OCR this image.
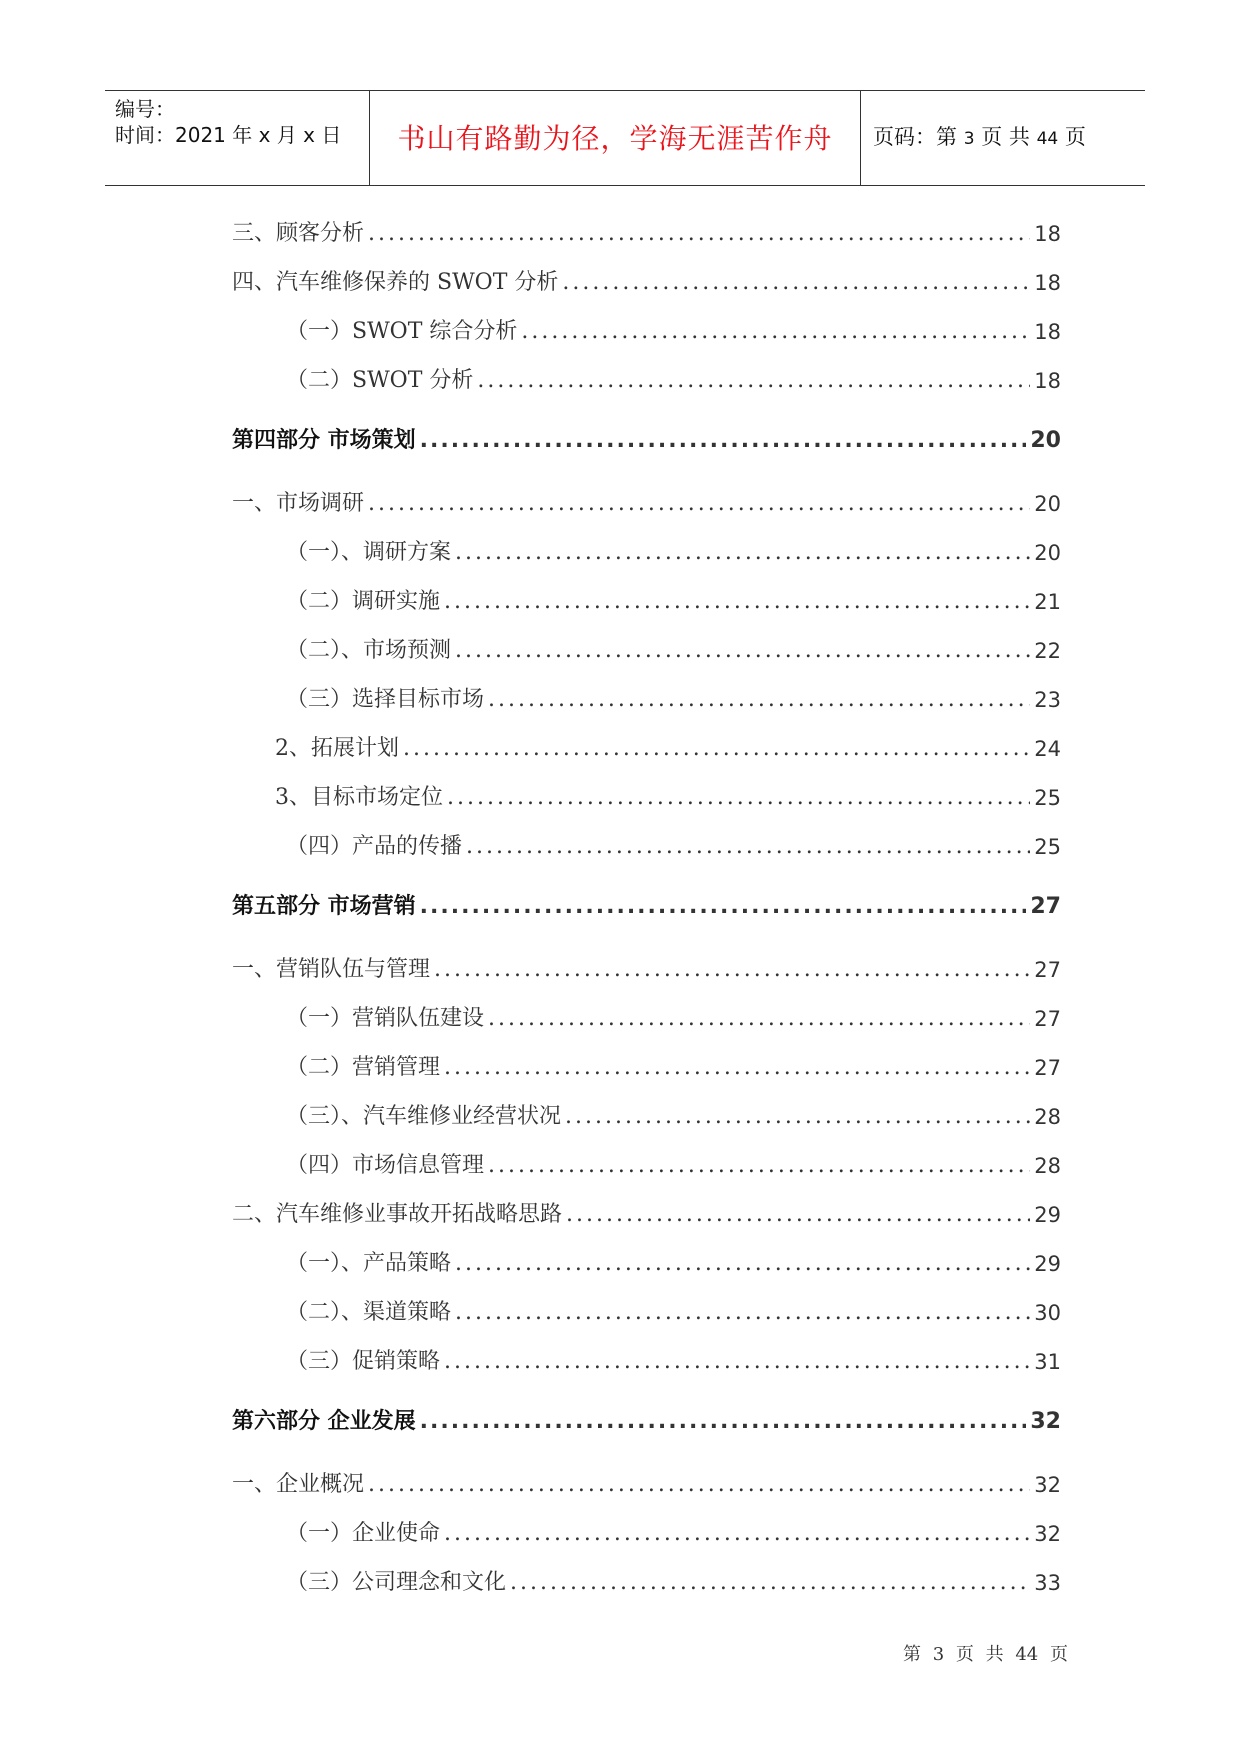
编号：
时间：2021 年 x 月 x 日	书山有路勤为径，学海无涯苦作舟	页码：第 3 页 共 44 页
三、顾客分析 .....	18
四、汽车维修保养的 SWOT 分析 .....	18
（一）SWOT 综合分析 .....	18
（二）SWOT 分析 .....	18
第四部分 市场策划 .....	20
一、市场调研 .....	20
（一）、调研方案 .....	20
（二）调研实施 .....	21
（二）、市场预测 .....	22
（三）选择目标市场 .....	23
2、拓展计划 .....	24
3、目标市场定位 .....	25
（四）产品的传播 .....	25
第五部分 市场营销 .....	27
一、营销队伍与管理 .....	27
（一）营销队伍建设 .....	27
（二）营销管理 .....	27
（三）、汽车维修业经营状况 .....	28
（四）市场信息管理 .....	28
二、汽车维修业事故开拓战略思路 .....	29
（一）、产品策略 .....	29
（二）、渠道策略 .....	30
（三）促销策略 .....	31
第六部分 企业发展 .....	32
一、企业概况 .....	32
（一）企业使命 .....	32
（三）公司理念和文化 .....	33
第 3 页 共 44 页
